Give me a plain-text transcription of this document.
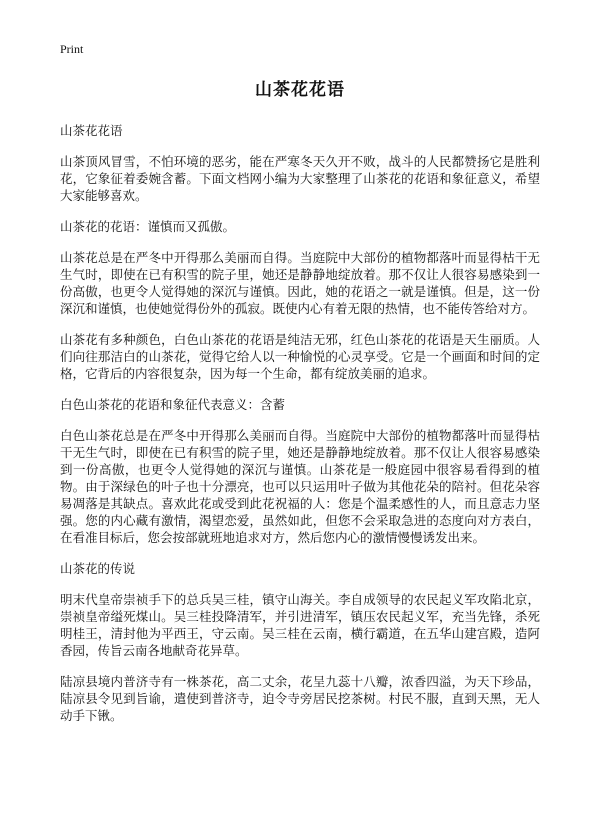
Print
山茶花花语
山茶花花语
山茶顶风冒雪，不怕环境的恶劣，能在严寒冬天久开不败，战斗的人民都赞扬它是胜利花，它象征着委婉含蓄。下面文档网小编为大家整理了山茶花的花语和象征意义，希望大家能够喜欢。
山茶花的花语：谨慎而又孤傲。
山茶花总是在严冬中开得那么美丽而自得。当庭院中大部份的植物都落叶而显得枯干无生气时，即使在已有积雪的院子里，她还是静静地绽放着。那不仅让人很容易感染到一份高傲，也更令人觉得她的深沉与谨慎。因此，她的花语之一就是谨慎。但是，这一份深沉和谨慎，也使她觉得份外的孤寂。既使内心有着无限的热情，也不能传答给对方。
山茶花有多种颜色，白色山茶花的花语是纯洁无邪，红色山茶花的花语是天生丽质。人们向往那洁白的山茶花，觉得它给人以一种愉悦的心灵享受。它是一个画面和时间的定格，它背后的内容很复杂，因为每一个生命，都有绽放美丽的追求。
白色山茶花的花语和象征代表意义：含蓄
白色山茶花总是在严冬中开得那么美丽而自得。当庭院中大部份的植物都落叶而显得枯干无生气时，即使在已有积雪的院子里，她还是静静地绽放着。那不仅让人很容易感染到一份高傲，也更令人觉得她的深沉与谨慎。山茶花是一般庭园中很容易看得到的植物。由于深绿色的叶子也十分漂亮，也可以只运用叶子做为其他花朵的陪衬。但花朵容易凋落是其缺点。喜欢此花或受到此花祝福的人：您是个温柔感性的人，而且意志力坚强。您的内心藏有激情，渴望恋爱，虽然如此，但您不会采取急进的态度向对方表白，在看准目标后，您会按部就班地追求对方，然后您内心的激情慢慢诱发出来。
山茶花的传说
明末代皇帝崇祯手下的总兵吴三桂，镇守山海关。李自成领导的农民起义军攻陷北京，崇祯皇帝缢死煤山。吴三桂投降清军，并引进清军，镇压农民起义军，充当先锋，杀死明桂王，清封他为平西王，守云南。吴三桂在云南，横行霸道，在五华山建宫殿，造阿香园，传旨云南各地献奇花异草。
陆凉县境内普济寺有一株茶花，高二丈余，花呈九蕊十八瓣，浓香四溢，为天下珍品，陆凉县令见到旨谕，遣使到普济寺，迫令寺旁居民挖茶树。村民不服，直到天黑，无人动手下锹。
